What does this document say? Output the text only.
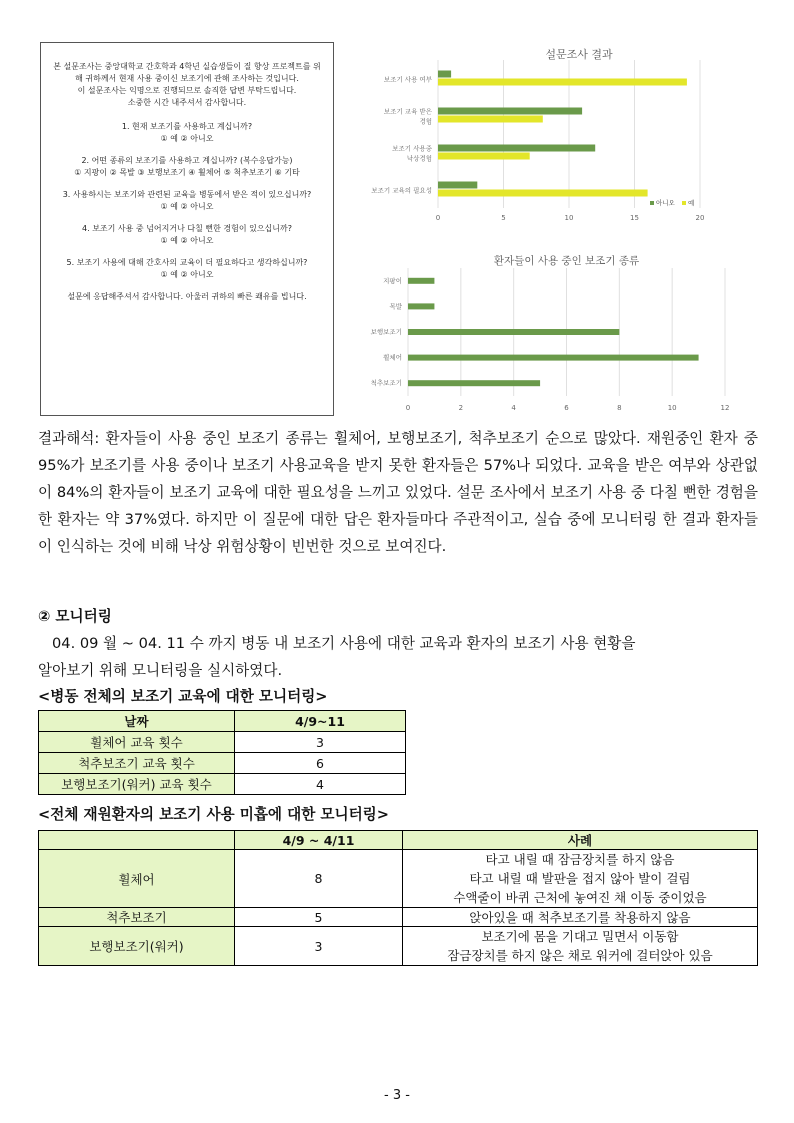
본 설문조사는 중앙대학교 간호학과 4학년 실습생들이 질 향상 프로젝트를 위해 귀하께서 현재 사용 중이신 보조기에 관해 조사하는 것입니다.
이 설문조사는 익명으로 진행되므로 솔직한 답변 부탁드립니다.
소중한 시간 내주셔서 감사합니다.
1. 현재 보조기를 사용하고 계십니까?
① 예 ② 아니오
2. 어떤 종류의 보조기를 사용하고 계십니까? (복수응답가능)
① 지팡이 ② 목발 ③ 보행보조기 ④ 휠체어 ⑤ 척추보조기 ⑥ 기타
3. 사용하시는 보조기와 관련된 교육을 병동에서 받은 적이 있으십니까?
① 예 ② 아니오
4. 보조기 사용 중 넘어지거나 다칠 뻔한 경험이 있으십니까?
① 예 ② 아니오
5. 보조기 사용에 대해 간호사의 교육이 더 필요하다고 생각하십니까?
① 예 ② 아니오
설문에 응답해주셔서 감사합니다. 아울러 귀하의 빠른 쾌유를 빕니다.
설문조사 결과
0	5	10	15	20
보조기 사용 여부
보조기 교육 받은
경험
보조기 사용중
낙상경험
보조기 교육의 필요성
아니오 예
환자들이 사용 중인 보조기 종류
0	2	4	6	8	10	12
지팡이
목발
보행보조기
휠체어
척추보조기
결과해석: 환자들이 사용 중인 보조기 종류는 휠체어, 보행보조기, 척추보조기 순으로 많았다. 재원중인 환자 중 95%가 보조기를 사용 중이나 보조기 사용교육을 받지 못한 환자들은 57%나 되었다. 교육을 받은 여부와 상관없이 84%의 환자들이 보조기 교육에 대한 필요성을 느끼고 있었다. 설문 조사에서 보조기 사용 중 다칠 뻔한 경험을 한 환자는 약 37%였다. 하지만 이 질문에 대한 답은 환자들마다 주관적이고, 실습 중에 모니터링 한 결과 환자들이 인식하는 것에 비해 낙상 위험상황이 빈번한 것으로 보여진다.
② 모니터링
04. 09 월 ~ 04. 11 수 까지 병동 내 보조기 사용에 대한 교육과 환자의 보조기 사용 현황을
알아보기 위해 모니터링을 실시하였다.
<병동 전체의 보조기 교육에 대한 모니터링>
날짜	4/9~11
휠체어 교육 횟수	3
척추보조기 교육 횟수	6
보행보조기(워커) 교육 횟수	4
<전체 재원환자의 보조기 사용 미흡에 대한 모니터링>
	4/9 ~ 4/11	사례
휠체어	8	타고 내릴 때 잠금장치를 하지 않음
타고 내릴 때 발판을 접지 않아 발이 걸림
수액줄이 바퀴 근처에 놓여진 채 이동 중이었음

척추보조기	5	앉아있을 때 척추보조기를 착용하지 않음

보행보조기(워커)	3	보조기에 몸을 기대고 밀면서 이동함
잠금장치를 하지 않은 채로 워커에 걸터앉아 있음
- 3 -
